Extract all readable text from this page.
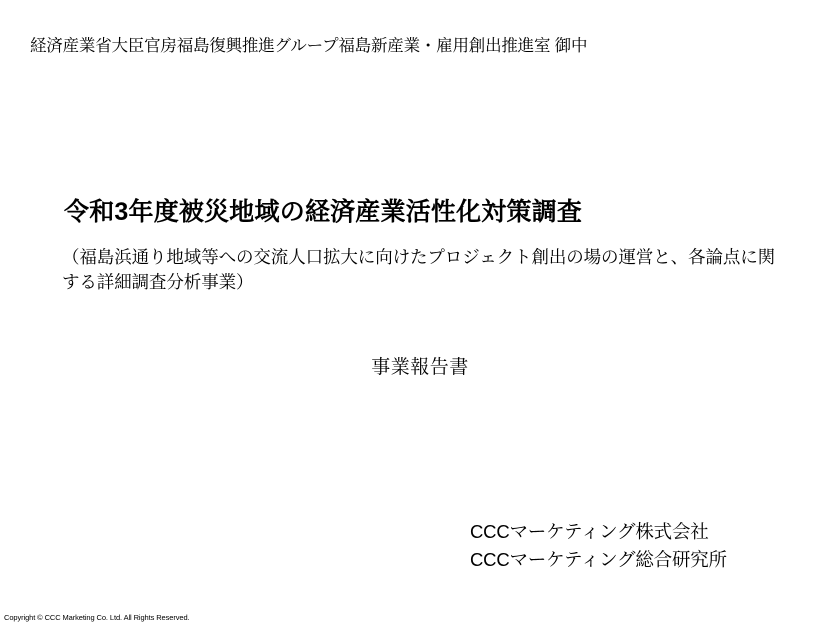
経済産業省大臣官房福島復興推進グループ福島新産業・雇用創出推進室 御中
令和3年度被災地域の経済産業活性化対策調査
（福島浜通り地域等への交流人口拡大に向けたプロジェクト創出の場の運営と、各論点に関する詳細調査分析事業）
事業報告書
CCCマーケティング株式会社
CCCマーケティング総合研究所
Copyright © CCC Marketing Co. Ltd. All Rights Reserved.
